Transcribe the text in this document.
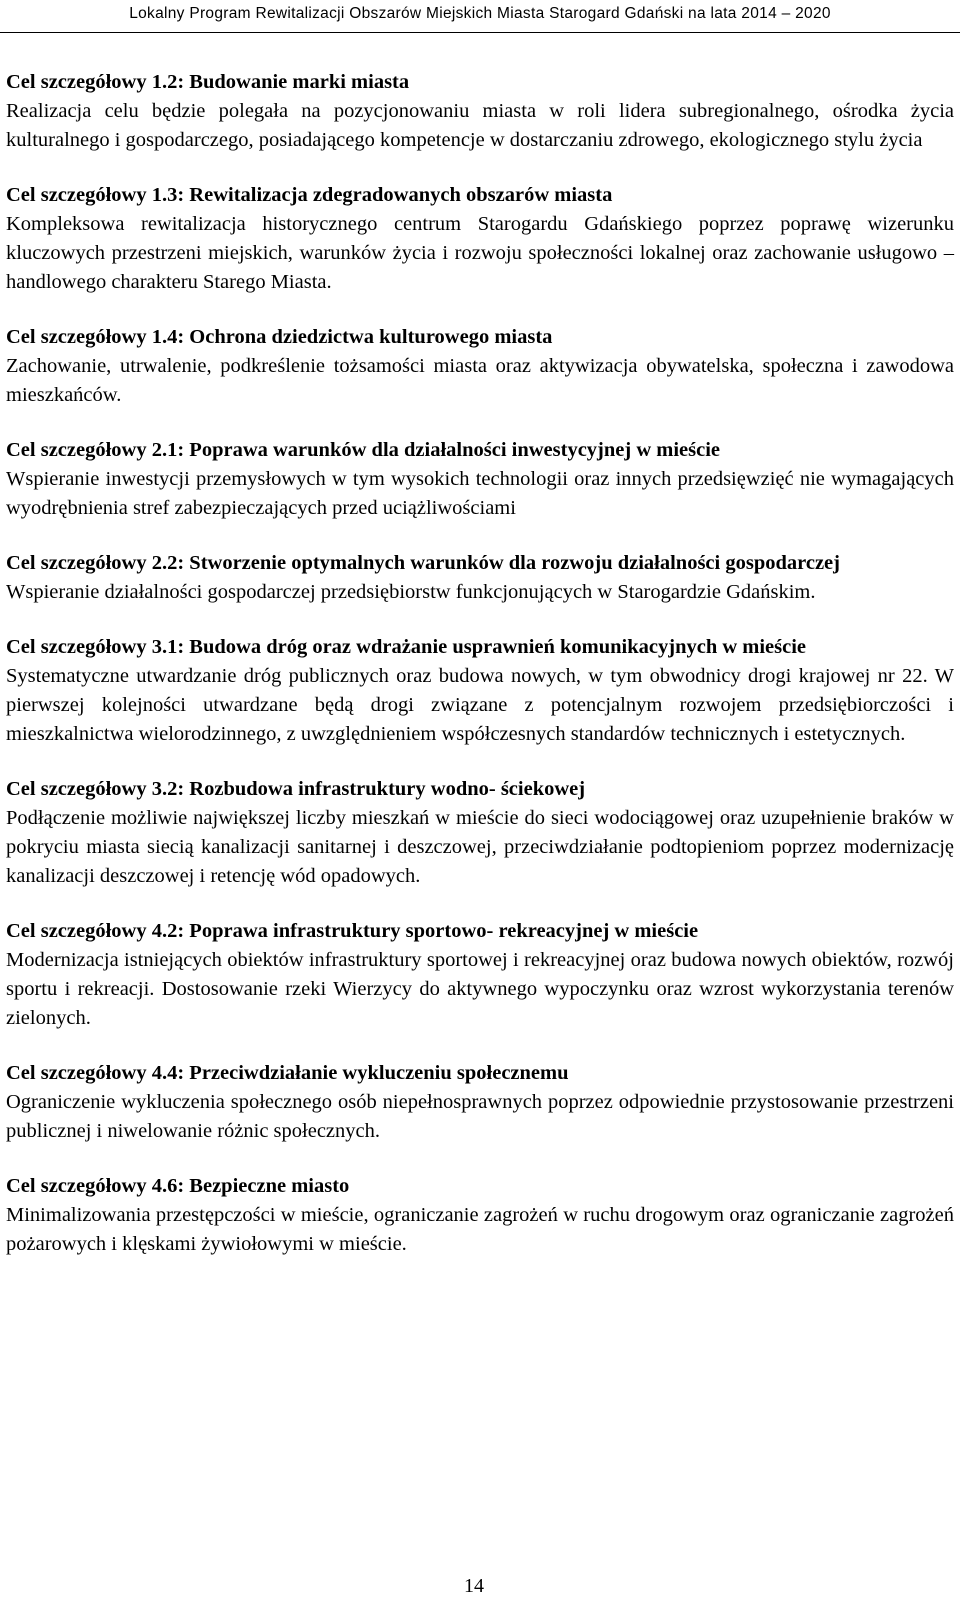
Lokalny Program Rewitalizacji Obszarów Miejskich Miasta Starogard Gdański na lata 2014 – 2020

Cel szczegółowy 1.2: Budowanie marki miasta

Realizacja celu będzie polegała na pozycjonowaniu miasta w roli lidera subregionalnego, ośrodka życia kulturalnego i gospodarczego, posiadającego kompetencje w dostarczaniu zdrowego, ekologicznego stylu życia

Cel szczegółowy 1.3: Rewitalizacja zdegradowanych obszarów miasta

Kompleksowa rewitalizacja historycznego centrum Starogardu Gdańskiego poprzez poprawę wizerunku kluczowych przestrzeni miejskich, warunków życia i rozwoju społeczności lokalnej oraz zachowanie usługowo – handlowego charakteru Starego Miasta.

Cel szczegółowy 1.4: Ochrona dziedzictwa kulturowego miasta

Zachowanie, utrwalenie, podkreślenie tożsamości miasta oraz aktywizacja obywatelska, społeczna i zawodowa mieszkańców.

Cel szczegółowy 2.1: Poprawa warunków dla działalności inwestycyjnej w mieście

Wspieranie inwestycji przemysłowych w tym wysokich technologii oraz innych przedsięwzięć nie wymagających wyodrębnienia stref zabezpieczających przed uciążliwościami

Cel szczegółowy 2.2: Stworzenie optymalnych warunków dla rozwoju działalności gospodarczej

Wspieranie działalności gospodarczej przedsiębiorstw funkcjonujących w Starogardzie Gdańskim.

Cel szczegółowy 3.1: Budowa dróg oraz wdrażanie usprawnień komunikacyjnych w mieście

Systematyczne utwardzanie dróg publicznych oraz budowa nowych, w tym obwodnicy drogi krajowej nr 22. W pierwszej kolejności utwardzane będą drogi związane z potencjalnym rozwojem przedsiębiorczości i mieszkalnictwa wielorodzinnego, z uwzględnieniem współczesnych standardów technicznych i estetycznych.

Cel szczegółowy 3.2: Rozbudowa infrastruktury wodno- ściekowej

Podłączenie możliwie największej liczby mieszkań w mieście do sieci wodociągowej oraz uzupełnienie braków w pokryciu miasta siecią kanalizacji sanitarnej i deszczowej, przeciwdziałanie podtopieniom poprzez modernizację kanalizacji deszczowej i retencję wód opadowych.

Cel szczegółowy 4.2: Poprawa infrastruktury sportowo- rekreacyjnej w mieście

Modernizacja istniejących obiektów infrastruktury sportowej i rekreacyjnej oraz budowa nowych obiektów, rozwój sportu i rekreacji. Dostosowanie rzeki Wierzycy do aktywnego wypoczynku oraz wzrost wykorzystania terenów zielonych.

Cel szczegółowy 4.4: Przeciwdziałanie wykluczeniu społecznemu

Ograniczenie wykluczenia społecznego osób niepełnosprawnych poprzez odpowiednie przystosowanie przestrzeni publicznej i niwelowanie różnic społecznych.

Cel szczegółowy 4.6: Bezpieczne miasto

Minimalizowania przestępczości w mieście, ograniczanie zagrożeń w ruchu drogowym oraz ograniczanie zagrożeń pożarowych i klęskami żywiołowymi w mieście.

14
